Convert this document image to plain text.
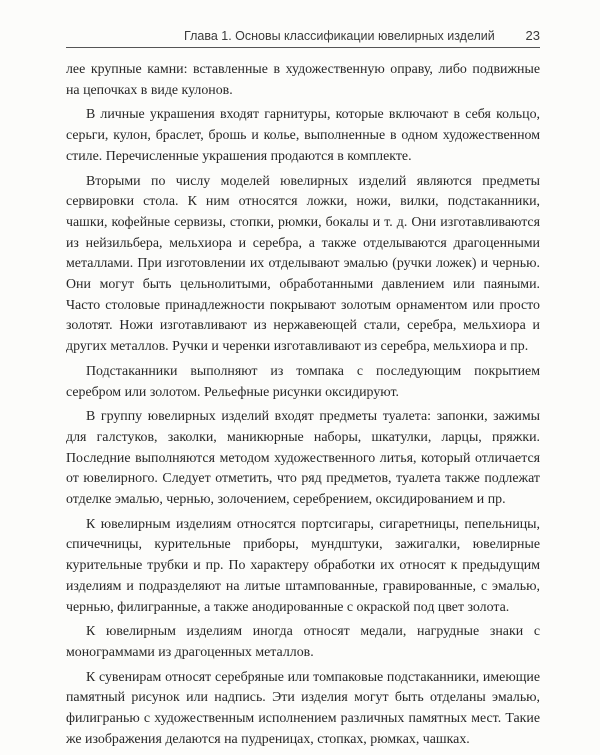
Глава 1. Основы классификации ювелирных изделий 23

лее крупные камни: вставленные в художественную оправу, либо подвижные на цепочках в виде кулонов.

В личные украшения входят гарнитуры, которые включают в себя кольцо, серьги, кулон, браслет, брошь и колье, выполненные в одном художественном стиле. Перечисленные украшения продаются в комплекте.

Вторыми по числу моделей ювелирных изделий являются предметы сервировки стола. К ним относятся ложки, ножи, вилки, подстаканники, чашки, кофейные сервизы, стопки, рюмки, бокалы и т. д. Они изготавливаются из нейзильбера, мельхиора и серебра, а также отделываются драгоценными металлами. При изготовлении их отделывают эмалью (ручки ложек) и чернью. Они могут быть цельнолитыми, обработанными давлением или паяными. Часто столовые принадлежности покрывают золотым орнаментом или просто золотят. Ножи изготавливают из нержавеющей стали, серебра, мельхиора и других металлов. Ручки и черенки изготавливают из серебра, мельхиора и пр.

Подстаканники выполняют из томпака с последующим покрытием серебром или золотом. Рельефные рисунки оксидируют.

В группу ювелирных изделий входят предметы туалета: запонки, зажимы для галстуков, заколки, маникюрные наборы, шкатулки, ларцы, пряжки. Последние выполняются методом художественного литья, который отличается от ювелирного. Следует отметить, что ряд предметов, туалета также подлежат отделке эмалью, чернью, золочением, серебрением, оксидированием и пр.

К ювелирным изделиям относятся портсигары, сигаретницы, пепельницы, спичечницы, курительные приборы, мундштуки, зажигалки, ювелирные курительные трубки и пр. По характеру обработки их относят к предыдущим изделиям и подразделяют на литые штампованные, гравированные, с эмалью, чернью, филигранные, а также анодированные с окраской под цвет золота.

К ювелирным изделиям иногда относят медали, нагрудные знаки с монограммами из драгоценных металлов.

К сувенирам относят серебряные или томпаковые подстаканники, имеющие памятный рисунок или надпись. Эти изделия могут быть отделаны эмалью, филигранью с художественным исполнением различных памятных мест. Такие же изображения делаются на пудреницах, стопках, рюмках, чашках.
